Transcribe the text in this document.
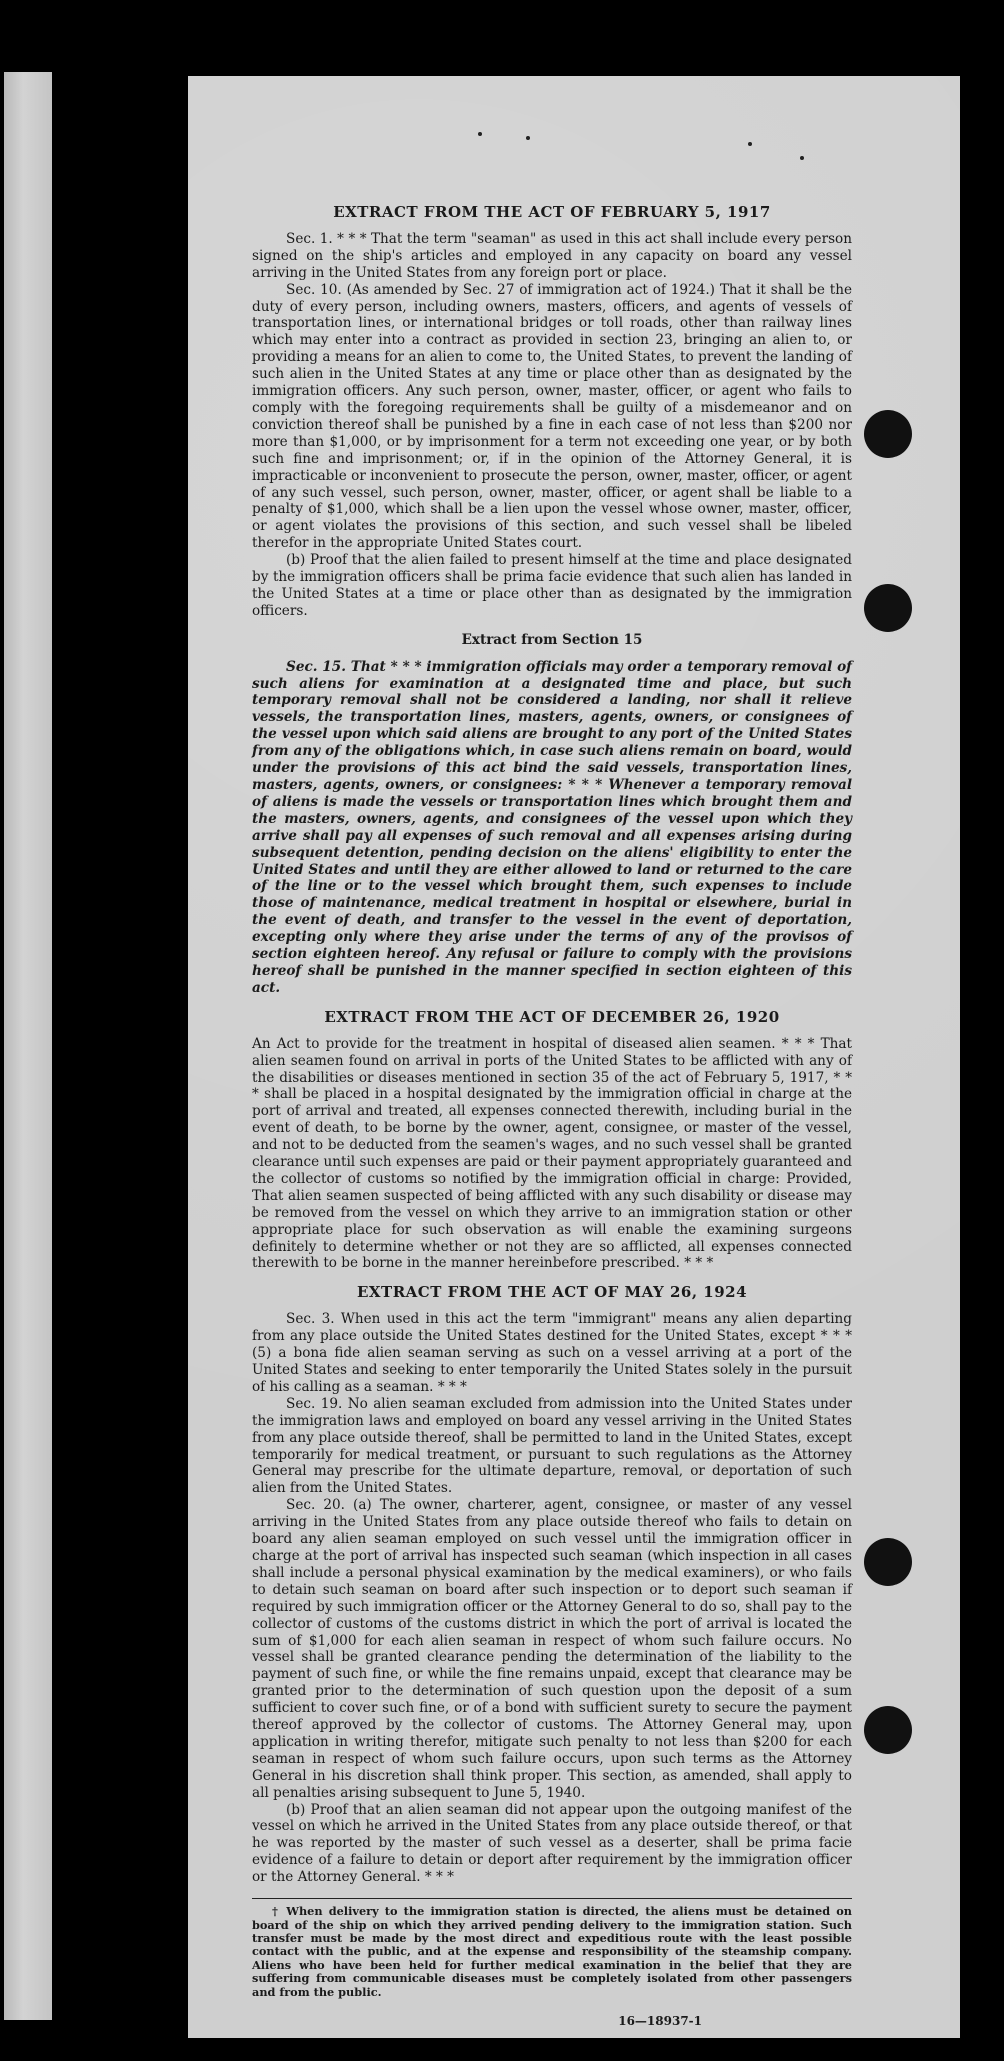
EXTRACT FROM THE ACT OF FEBRUARY 5, 1917

Sec. 1. * * * That the term "seaman" as used in this act shall include every person signed on the ship's articles and employed in any capacity on board any vessel arriving in the United States from any foreign port or place.

Sec. 10. (As amended by Sec. 27 of immigration act of 1924.) That it shall be the duty of every person, including owners, masters, officers, and agents of vessels of transportation lines, or international bridges or toll roads, other than railway lines which may enter into a contract as provided in section 23, bringing an alien to, or providing a means for an alien to come to, the United States, to prevent the landing of such alien in the United States at any time or place other than as designated by the immigration officers. Any such person, owner, master, officer, or agent who fails to comply with the foregoing requirements shall be guilty of a misdemeanor and on conviction thereof shall be punished by a fine in each case of not less than $200 nor more than $1,000, or by imprisonment for a term not exceeding one year, or by both such fine and imprisonment; or, if in the opinion of the Attorney General, it is impracticable or inconvenient to prosecute the person, owner, master, officer, or agent of any such vessel, such person, owner, master, officer, or agent shall be liable to a penalty of $1,000, which shall be a lien upon the vessel whose owner, master, officer, or agent violates the provisions of this section, and such vessel shall be libeled therefor in the appropriate United States court.

(b) Proof that the alien failed to present himself at the time and place designated by the immigration officers shall be prima facie evidence that such alien has landed in the United States at a time or place other than as designated by the immigration officers.

Extract from Section 15

Sec. 15. That * * * immigration officials may order a temporary removal of such aliens for examination at a designated time and place, but such temporary removal shall not be considered a landing, nor shall it relieve vessels, the transportation lines, masters, agents, owners, or consignees of the vessel upon which said aliens are brought to any port of the United States from any of the obligations which, in case such aliens remain on board, would under the provisions of this act bind the said vessels, transportation lines, masters, agents, owners, or consignees: * * * Whenever a temporary removal of aliens is made the vessels or transportation lines which brought them and the masters, owners, agents, and consignees of the vessel upon which they arrive shall pay all expenses of such removal and all expenses arising during subsequent detention, pending decision on the aliens' eligibility to enter the United States and until they are either allowed to land or returned to the care of the line or to the vessel which brought them, such expenses to include those of maintenance, medical treatment in hospital or elsewhere, burial in the event of death, and transfer to the vessel in the event of deportation, excepting only where they arise under the terms of any of the provisos of section eighteen hereof. Any refusal or failure to comply with the provisions hereof shall be punished in the manner specified in section eighteen of this act.

EXTRACT FROM THE ACT OF DECEMBER 26, 1920

An Act to provide for the treatment in hospital of diseased alien seamen. * * * That alien seamen found on arrival in ports of the United States to be afflicted with any of the disabilities or diseases mentioned in section 35 of the act of February 5, 1917, * * * shall be placed in a hospital designated by the immigration official in charge at the port of arrival and treated, all expenses connected therewith, including burial in the event of death, to be borne by the owner, agent, consignee, or master of the vessel, and not to be deducted from the seamen's wages, and no such vessel shall be granted clearance until such expenses are paid or their payment appropriately guaranteed and the collector of customs so notified by the immigration official in charge: Provided, That alien seamen suspected of being afflicted with any such disability or disease may be removed from the vessel on which they arrive to an immigration station or other appropriate place for such observation as will enable the examining surgeons definitely to determine whether or not they are so afflicted, all expenses connected therewith to be borne in the manner hereinbefore prescribed. * * *

EXTRACT FROM THE ACT OF MAY 26, 1924

Sec. 3. When used in this act the term "immigrant" means any alien departing from any place outside the United States destined for the United States, except * * * (5) a bona fide alien seaman serving as such on a vessel arriving at a port of the United States and seeking to enter temporarily the United States solely in the pursuit of his calling as a seaman. * * *

Sec. 19. No alien seaman excluded from admission into the United States under the immigration laws and employed on board any vessel arriving in the United States from any place outside thereof, shall be permitted to land in the United States, except temporarily for medical treatment, or pursuant to such regulations as the Attorney General may prescribe for the ultimate departure, removal, or deportation of such alien from the United States.

Sec. 20. (a) The owner, charterer, agent, consignee, or master of any vessel arriving in the United States from any place outside thereof who fails to detain on board any alien seaman employed on such vessel until the immigration officer in charge at the port of arrival has inspected such seaman (which inspection in all cases shall include a personal physical examination by the medical examiners), or who fails to detain such seaman on board after such inspection or to deport such seaman if required by such immigration officer or the Attorney General to do so, shall pay to the collector of customs of the customs district in which the port of arrival is located the sum of $1,000 for each alien seaman in respect of whom such failure occurs. No vessel shall be granted clearance pending the determination of the liability to the payment of such fine, or while the fine remains unpaid, except that clearance may be granted prior to the determination of such question upon the deposit of a sum sufficient to cover such fine, or of a bond with sufficient surety to secure the payment thereof approved by the collector of customs. The Attorney General may, upon application in writing therefor, mitigate such penalty to not less than $200 for each seaman in respect of whom such failure occurs, upon such terms as the Attorney General in his discretion shall think proper. This section, as amended, shall apply to all penalties arising subsequent to June 5, 1940.

(b) Proof that an alien seaman did not appear upon the outgoing manifest of the vessel on which he arrived in the United States from any place outside thereof, or that he was reported by the master of such vessel as a deserter, shall be prima facie evidence of a failure to detain or deport after requirement by the immigration officer or the Attorney General. * * *

† When delivery to the immigration station is directed, the aliens must be detained on board of the ship on which they arrived pending delivery to the immigration station. Such transfer must be made by the most direct and expeditious route with the least possible contact with the public, and at the expense and responsibility of the steamship company. Aliens who have been held for further medical examination in the belief that they are suffering from communicable diseases must be completely isolated from other passengers and from the public.

16—18937-1
